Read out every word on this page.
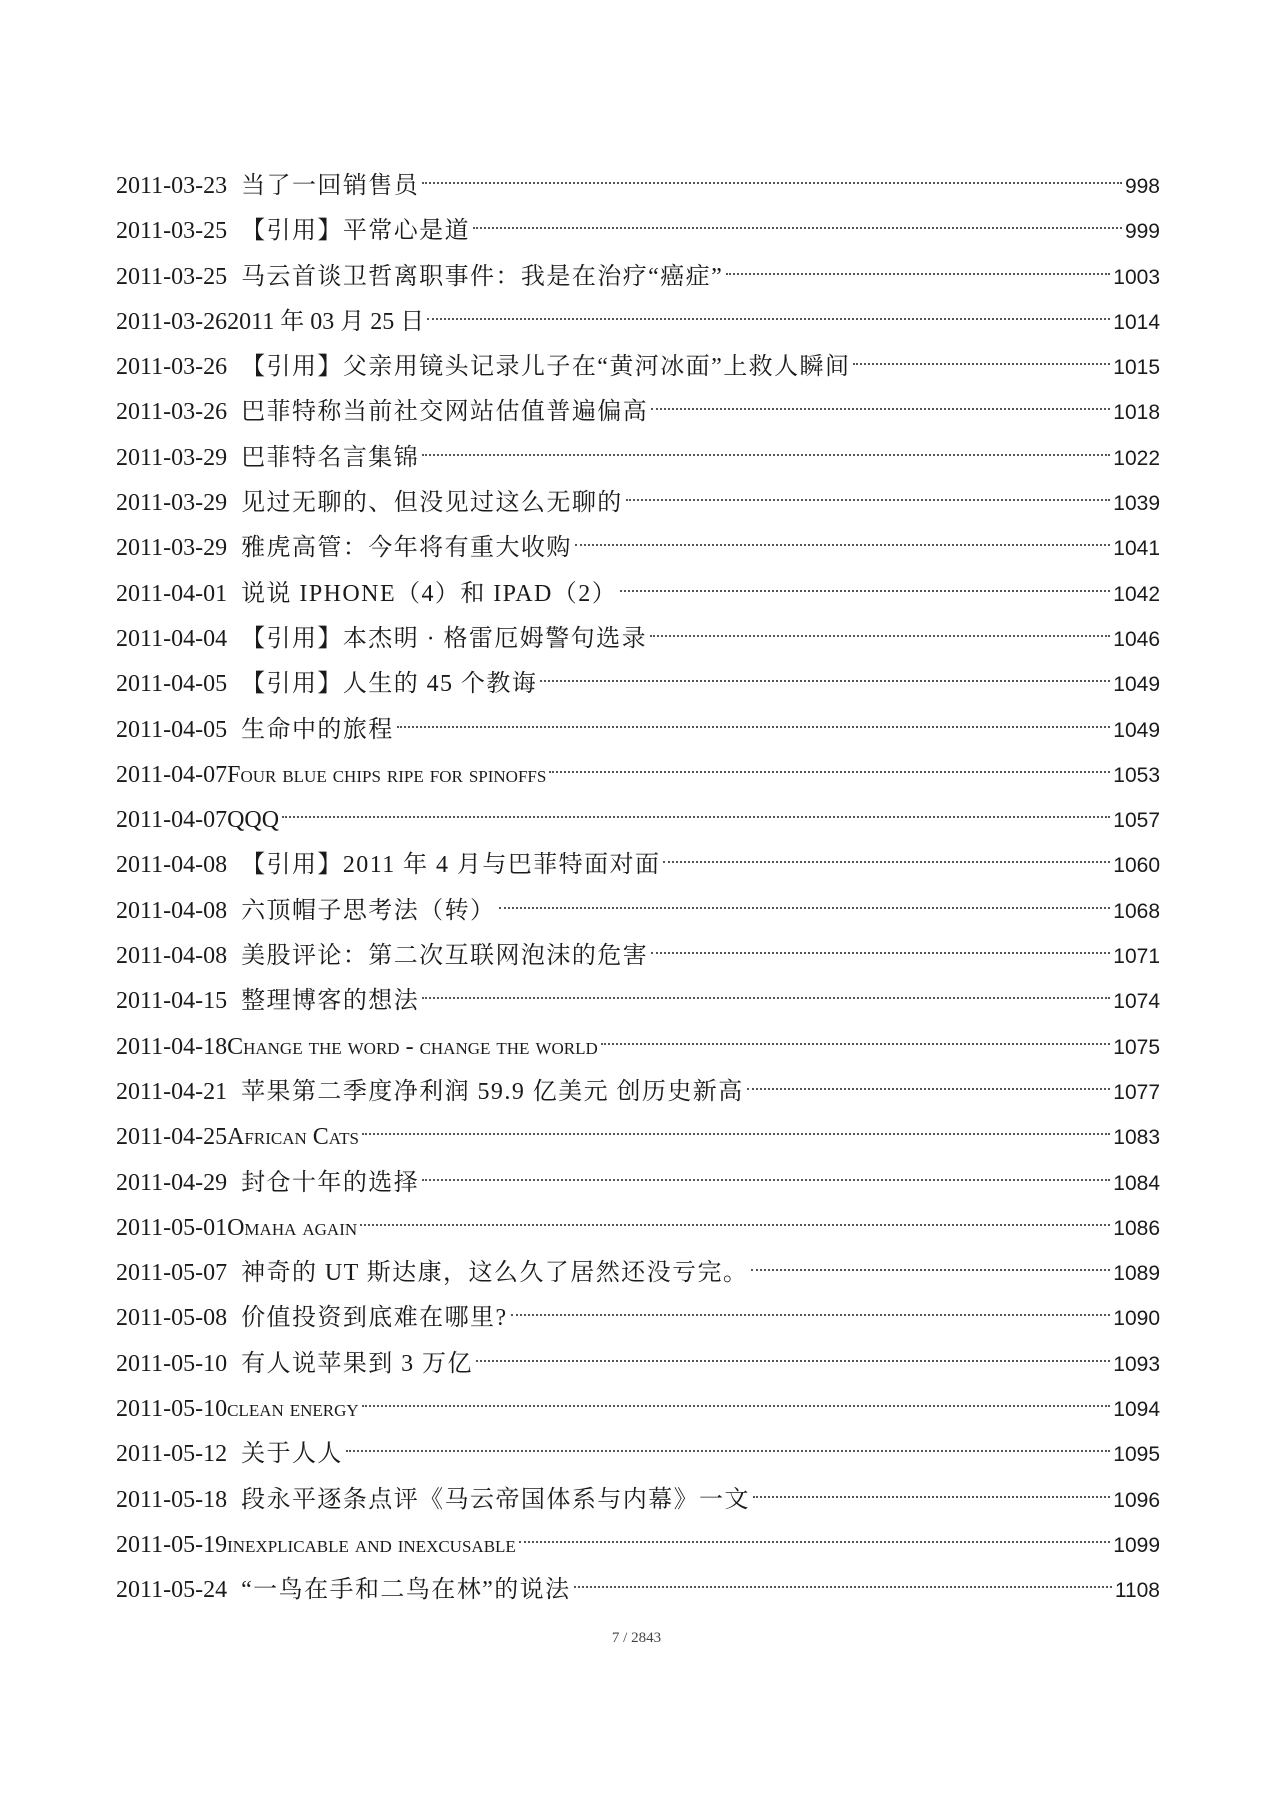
2011-03-23 当了一回销售员	998
2011-03-25 【引用】平常心是道	999
2011-03-25 马云首谈卫哲离职事件：我是在治疗“癌症”	1003
2011-03-26 2011 年 03 月 25 日	1014
2011-03-26 【引用】父亲用镜头记录儿子在“黄河冰面”上救人瞬间	1015
2011-03-26 巴菲特称当前社交网站估值普遍偏高	1018
2011-03-29 巴菲特名言集锦	1022
2011-03-29 见过无聊的、但没见过这么无聊的	1039
2011-03-29 雅虎高管：今年将有重大收购	1041
2011-04-01 说说 IPHONE（4）和 IPAD（2）	1042
2011-04-04 【引用】本杰明 · 格雷厄姆警句选录	1046
2011-04-05 【引用】人生的 45 个教诲	1049
2011-04-05 生命中的旅程	1049
2011-04-07 Four blue chips ripe for spinoffs	1053
2011-04-07 QQQ	1057
2011-04-08 【引用】2011 年 4 月与巴菲特面对面	1060
2011-04-08 六顶帽子思考法（转）	1068
2011-04-08 美股评论：第二次互联网泡沫的危害	1071
2011-04-15 整理博客的想法	1074
2011-04-18 Change the word - change the world	1075
2011-04-21 苹果第二季度净利润 59.9 亿美元 创历史新高	1077
2011-04-25 African Cats	1083
2011-04-29 封仓十年的选择	1084
2011-05-01 Omaha again	1086
2011-05-07 神奇的 UT 斯达康，这么久了居然还没亏完。	1089
2011-05-08 价值投资到底难在哪里?	1090
2011-05-10 有人说苹果到 3 万亿	1093
2011-05-10 clean energy	1094
2011-05-12 关于人人	1095
2011-05-18 段永平逐条点评《马云帝国体系与内幕》一文	1096
2011-05-19 inexplicable and inexcusable	1099
2011-05-24 “一鸟在手和二鸟在林”的说法	1108
7 / 2843
